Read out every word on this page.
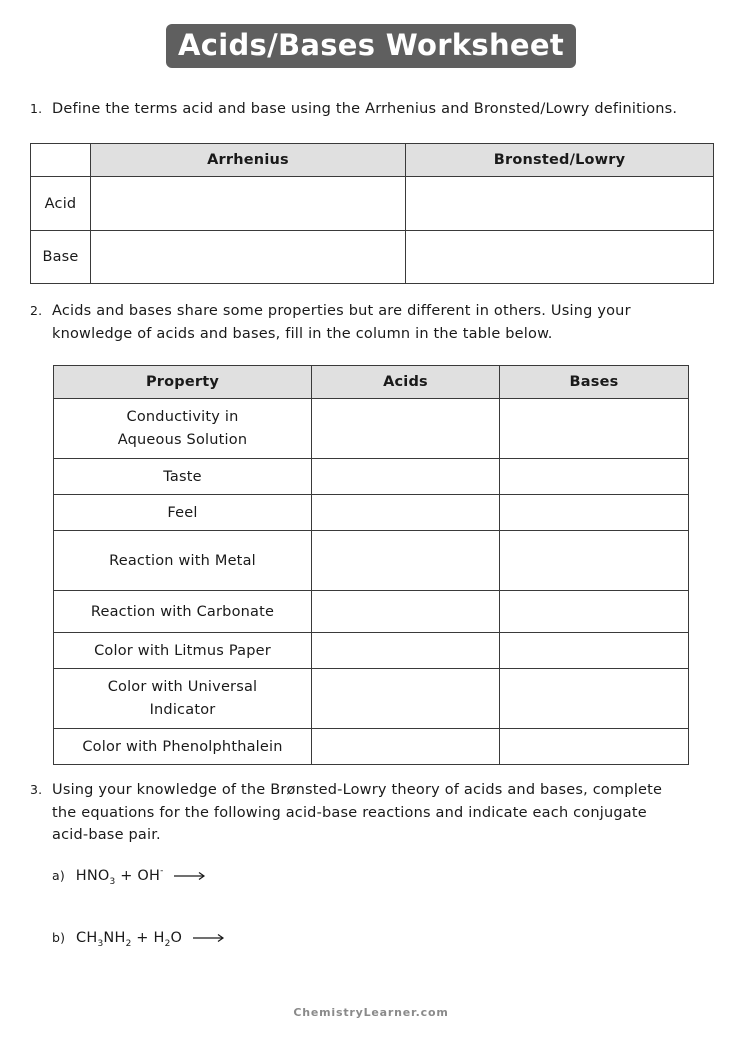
Acids/Bases Worksheet
1. Define the terms acid and base using the Arrhenius and Bronsted/Lowry definitions.
	Arrhenius	Bronsted/Lowry
Acid		
Base		
2. Acids and bases share some properties but are different in others. Using your
knowledge of acids and bases, fill in the column in the table below.
Property	Acids	Bases

Conductivity in
Aqueous Solution		

Taste		
Feel		
Reaction with Metal		
Reaction with Carbonate		
Color with Litmus Paper		

Color with Universal
Indicator		

Color with Phenolphthalein		
3. Using your knowledge of the Brønsted-Lowry theory of acids and bases, complete
the equations for the following acid-base reactions and indicate each conjugate
acid-base pair.
a) $HNO_3 + OH^-$ →
b) $CH_3NH_2 + H_2O$ →
ChemistryLearner.com
